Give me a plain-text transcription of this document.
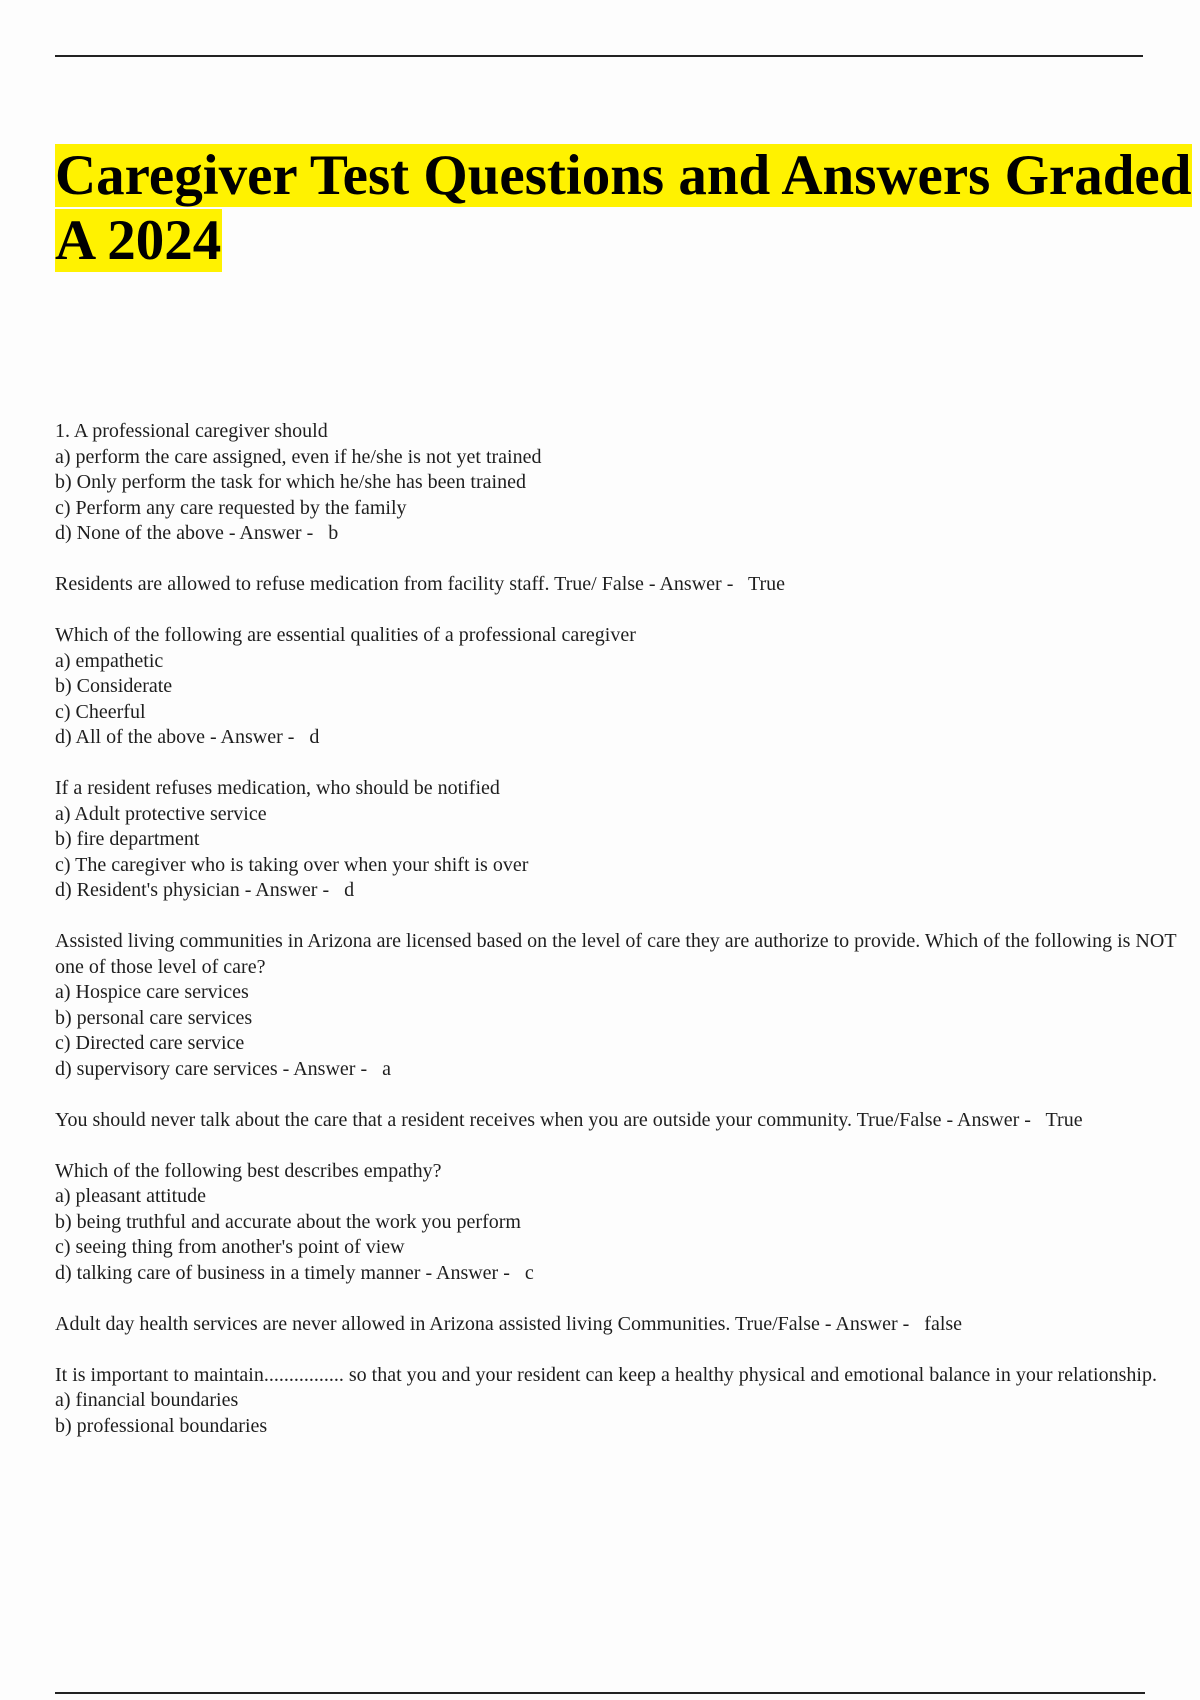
Caregiver Test Questions and Answers Graded A 2024
1. A professional caregiver should
a) perform the care assigned, even if he/she is not yet trained
b) Only perform the task for which he/she has been trained
c) Perform any care requested by the family
d) None of the above - Answer -   b
Residents are allowed to refuse medication from facility staff. True/ False - Answer -   True
Which of the following are essential qualities of a professional caregiver
a) empathetic
b) Considerate
c) Cheerful
d) All of the above - Answer -   d
If a resident refuses medication, who should be notified
a) Adult protective service
b) fire department
c) The caregiver who is taking over when your shift is over
d) Resident's physician - Answer -   d
Assisted living communities in Arizona are licensed based on the level of care they are authorize to provide. Which of the following is NOT one of those level of care?
a) Hospice care services
b) personal care services
c) Directed care service
d) supervisory care services - Answer -   a
You should never talk about the care that a resident receives when you are outside your community. True/False - Answer -   True
Which of the following best describes empathy?
a) pleasant attitude
b) being truthful and accurate about the work you perform
c) seeing thing from another's point of view
d) talking care of business in a timely manner - Answer -   c
Adult day health services are never allowed in Arizona assisted living Communities. True/False - Answer -   false
It is important to maintain................ so that you and your resident can keep a healthy physical and emotional balance in your relationship.
a) financial boundaries
b) professional boundaries
